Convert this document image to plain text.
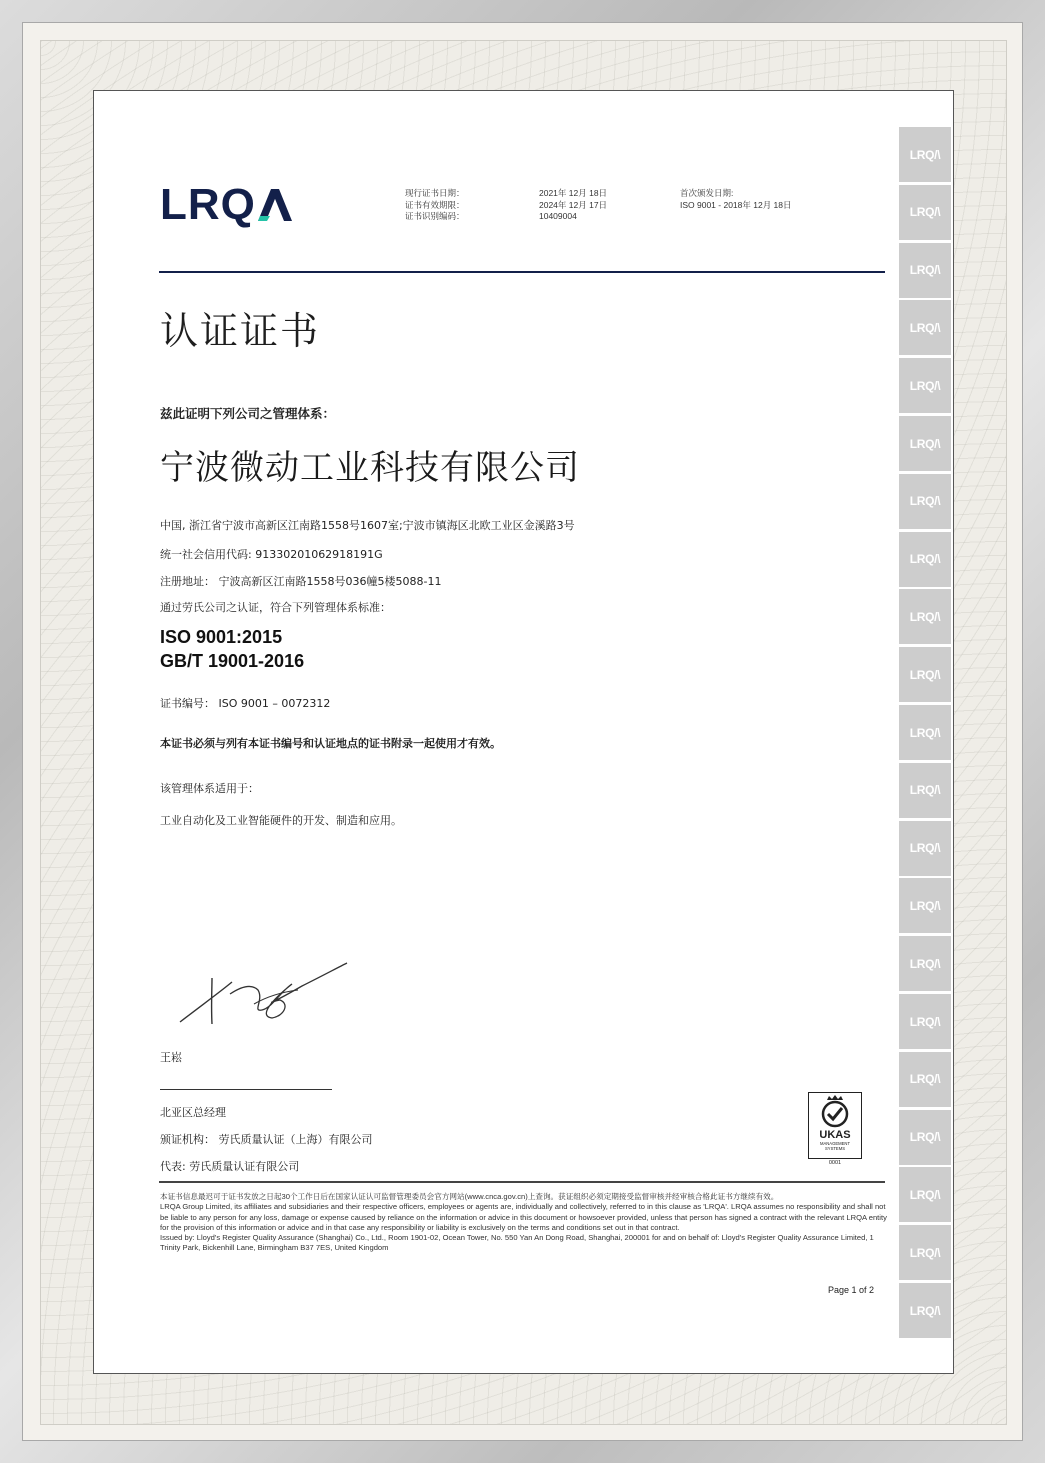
LRQ/\
LRQ/\
LRQ/\
LRQ/\
LRQ/\
LRQ/\
LRQ/\
LRQ/\
LRQ/\
LRQ/\
LRQ/\
LRQ/\
LRQ/\
LRQ/\
LRQ/\
LRQ/\
LRQ/\
LRQ/\
LRQ/\
LRQ/\
LRQ/\
LRQ	现行证书日期：
证书有效期限：
证书识别编码：
2021年 12月 18日
2024年 12月 17日
10409004
首次颁发日期:
ISO 9001 - 2018年 12月 18日
认证证书
兹此证明下列公司之管理体系：
宁波微动工业科技有限公司
中国, 浙江省宁波市高新区江南路1558号1607室;宁波市镇海区北欧工业区金溪路3号
统一社会信用代码: 91330201062918191G
注册地址： 宁波高新区江南路1558号036幢5楼5088-11
通过劳氏公司之认证，符合下列管理体系标准：
ISO 9001:2015
GB/T 19001-2016
证书编号： ISO 9001 – 0072312
本证书必须与列有本证书编号和认证地点的证书附录一起使用才有效。
该管理体系适用于：
工业自动化及工业智能硬件的开发、制造和应用。
王崧
北亚区总经理
颁证机构： 劳氏质量认证（上海）有限公司
代表: 劳氏质量认证有限公司
UKAS
MANAGEMENT
SYSTEMS
0001
本证书信息最迟可于证书发放之日起30个工作日后在国家认证认可监督管理委员会官方网站(www.cnca.gov.cn)上查询。获证组织必须定期接受监督审核并经审核合格此证书方继续有效。
LRQA Group Limited, its affiliates and subsidiaries and their respective officers, employees or agents are, individually and collectively, referred to in this clause as 'LRQA'. LRQA assumes no responsibility and shall not be liable to any person for any loss, damage or expense caused by reliance on the information or advice in this document or howsoever provided, unless that person has signed a contract with the relevant LRQA entity for the provision of this information or advice and in that case any responsibility or liability is exclusively on the terms and conditions set out in that contract.
Issued by: Lloyd's Register Quality Assurance (Shanghai) Co., Ltd., Room 1901-02, Ocean Tower, No. 550 Yan An Dong Road, Shanghai, 200001 for and on behalf of: Lloyd's Register Quality Assurance Limited, 1 Trinity Park, Bickenhill Lane, Birmingham B37 7ES, United Kingdom
Page 1 of 2
